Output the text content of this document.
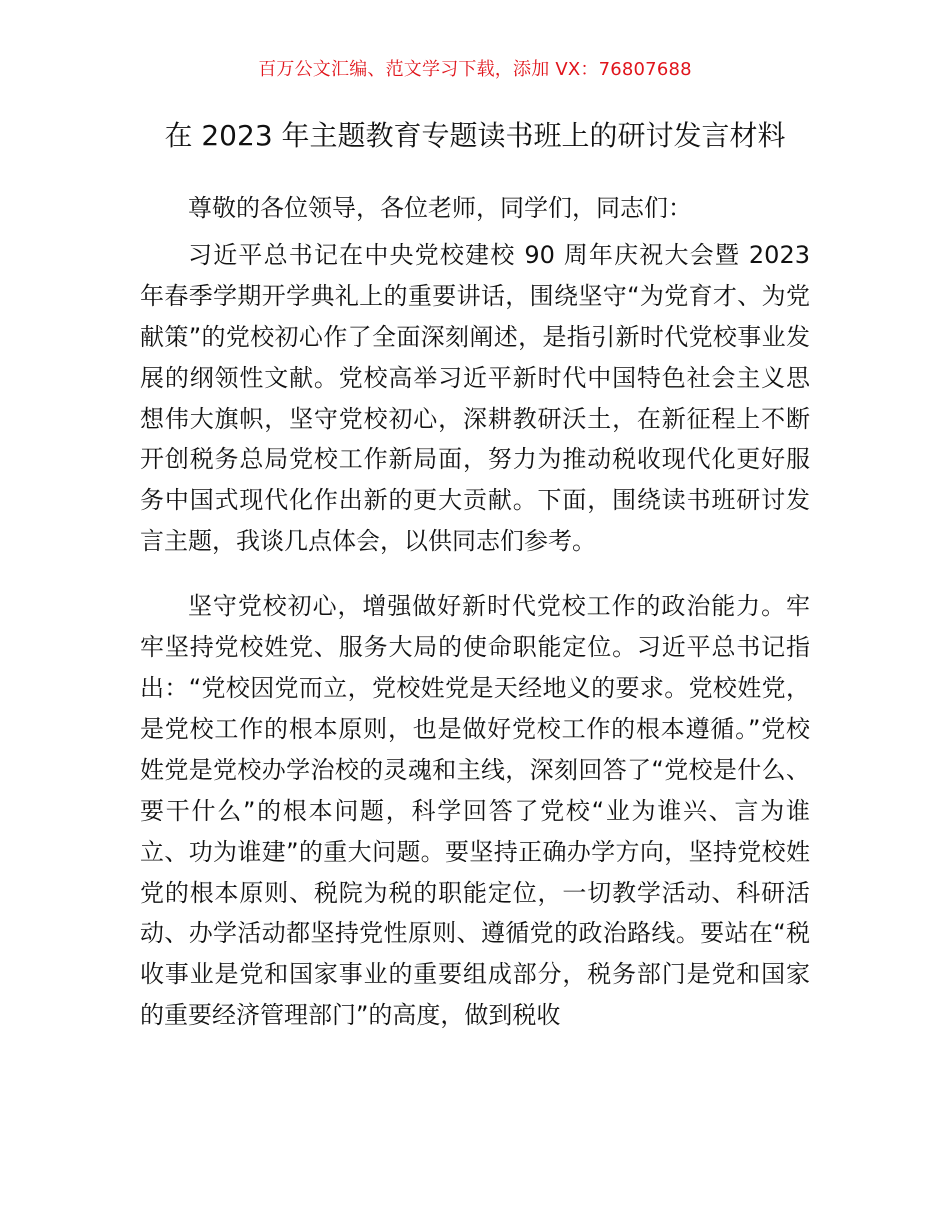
百万公文汇编、范文学习下载，添加 VX：76807688
在 2023 年主题教育专题读书班上的研讨发言材料

尊敬的各位领导，各位老师，同学们，同志们：

习近平总书记在中央党校建校 90 周年庆祝大会暨 2023 年春季学期开学典礼上的重要讲话，围绕坚守“为党育才、为党献策”的党校初心作了全面深刻阐述，是指引新时代党校事业发展的纲领性文献。党校高举习近平新时代中国特色社会主义思想伟大旗帜，坚守党校初心，深耕教研沃土，在新征程上不断开创税务总局党校工作新局面，努力为推动税收现代化更好服务中国式现代化作出新的更大贡献。下面，围绕读书班研讨发言主题，我谈几点体会，以供同志们参考。

坚守党校初心，增强做好新时代党校工作的政治能力。牢牢坚持党校姓党、服务大局的使命职能定位。习近平总书记指出：“党校因党而立，党校姓党是天经地义的要求。党校姓党，是党校工作的根本原则，也是做好党校工作的根本遵循。”党校姓党是党校办学治校的灵魂和主线，深刻回答了“党校是什么、要干什么”的根本问题，科学回答了党校“业为谁兴、言为谁立、功为谁建”的重大问题。要坚持正确办学方向，坚持党校姓党的根本原则、税院为税的职能定位，一切教学活动、科研活动、办学活动都坚持党性原则、遵循党的政治路线。要站在“税收事业是党和国家事业的重要组成部分，税务部门是党和国家的重要经济管理部门”的高度，做到税收
